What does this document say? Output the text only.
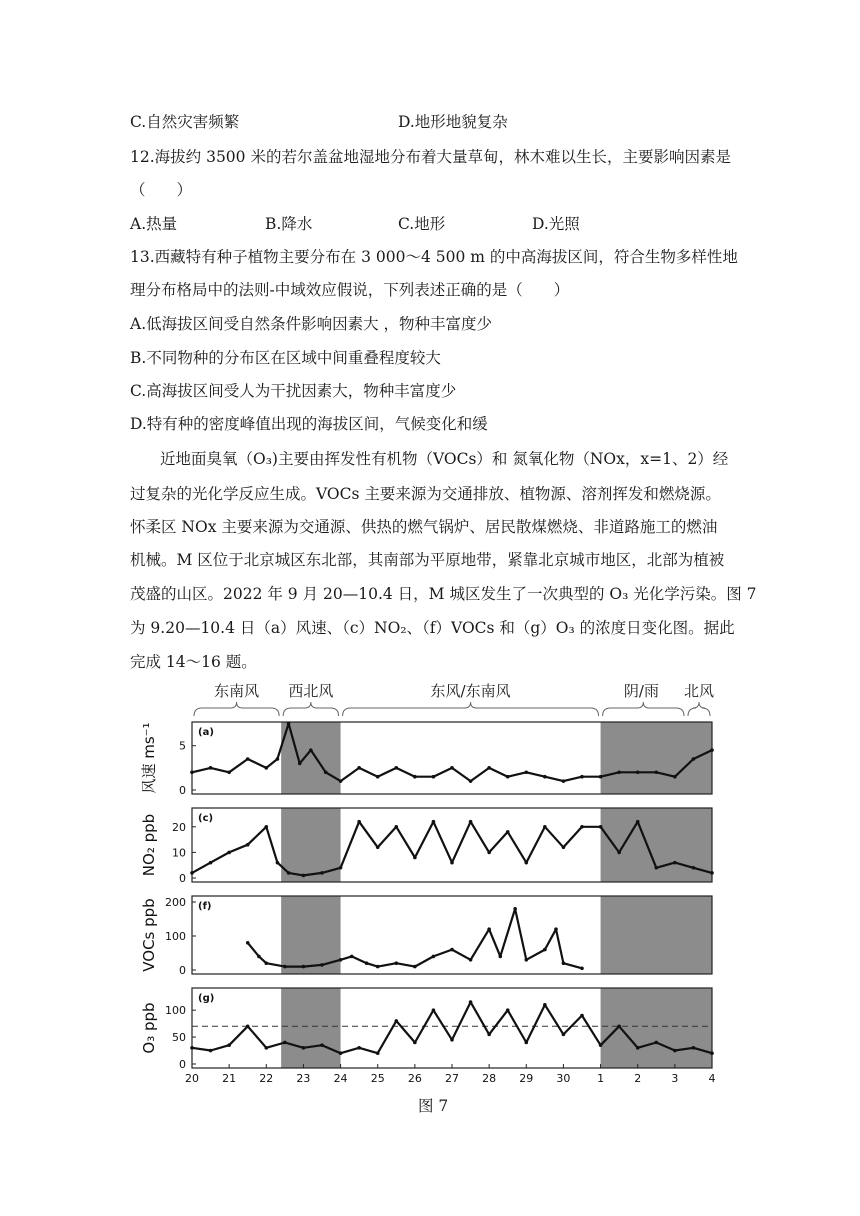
C.自然灾害频繁	D.地形地貌复杂
12.海拔约 3500 米的若尔盖盆地湿地分布着大量草甸，林木难以生长，主要影响因素是
（　　）
A.热量	B.降水	C.地形	D.光照
13.西藏特有种子植物主要分布在 3 000～4 500 m 的中高海拔区间，符合生物多样性地
理分布格局中的法则-中域效应假说，下列表述正确的是（　　）
A.低海拔区间受自然条件影响因素大 ，物种丰富度少
B.不同物种的分布区在区域中间重叠程度较大
C.高海拔区间受人为干扰因素大，物种丰富度少
D.特有种的密度峰值出现的海拔区间，气候变化和缓
近地面臭氧（O₃)主要由挥发性有机物（VOCs）和 氮氧化物（NOx，x=1、2）经
过复杂的光化学反应生成。VOCs 主要来源为交通排放、植物源、溶剂挥发和燃烧源。
怀柔区 NOx 主要来源为交通源、供热的燃气锅炉、居民散煤燃烧、非道路施工的燃油
机械。M 区位于北京城区东北部，其南部为平原地带，紧靠北京城市地区，北部为植被
茂盛的山区。2022 年 9 月 20—10.4 日，M 城区发生了一次典型的 O₃ 光化学污染。图 7
为 9.20—10.4 日（a）风速、（c）NO₂、（f）VOCs 和（g）O₃ 的浓度日变化图。据此
完成 14～16 题。
东南风 西北风	东风/东南风	阴/雨 北风
(a)
风速 ms⁻¹ 5
0
(c)
NO₂ ppb 20
10
0
(f)
VOCs ppb 200
100
0
(g)
O₃ ppb 100
50
0
20 21 22 23 24 25 26 27 28 29 30 1	2	3	4
图 7
